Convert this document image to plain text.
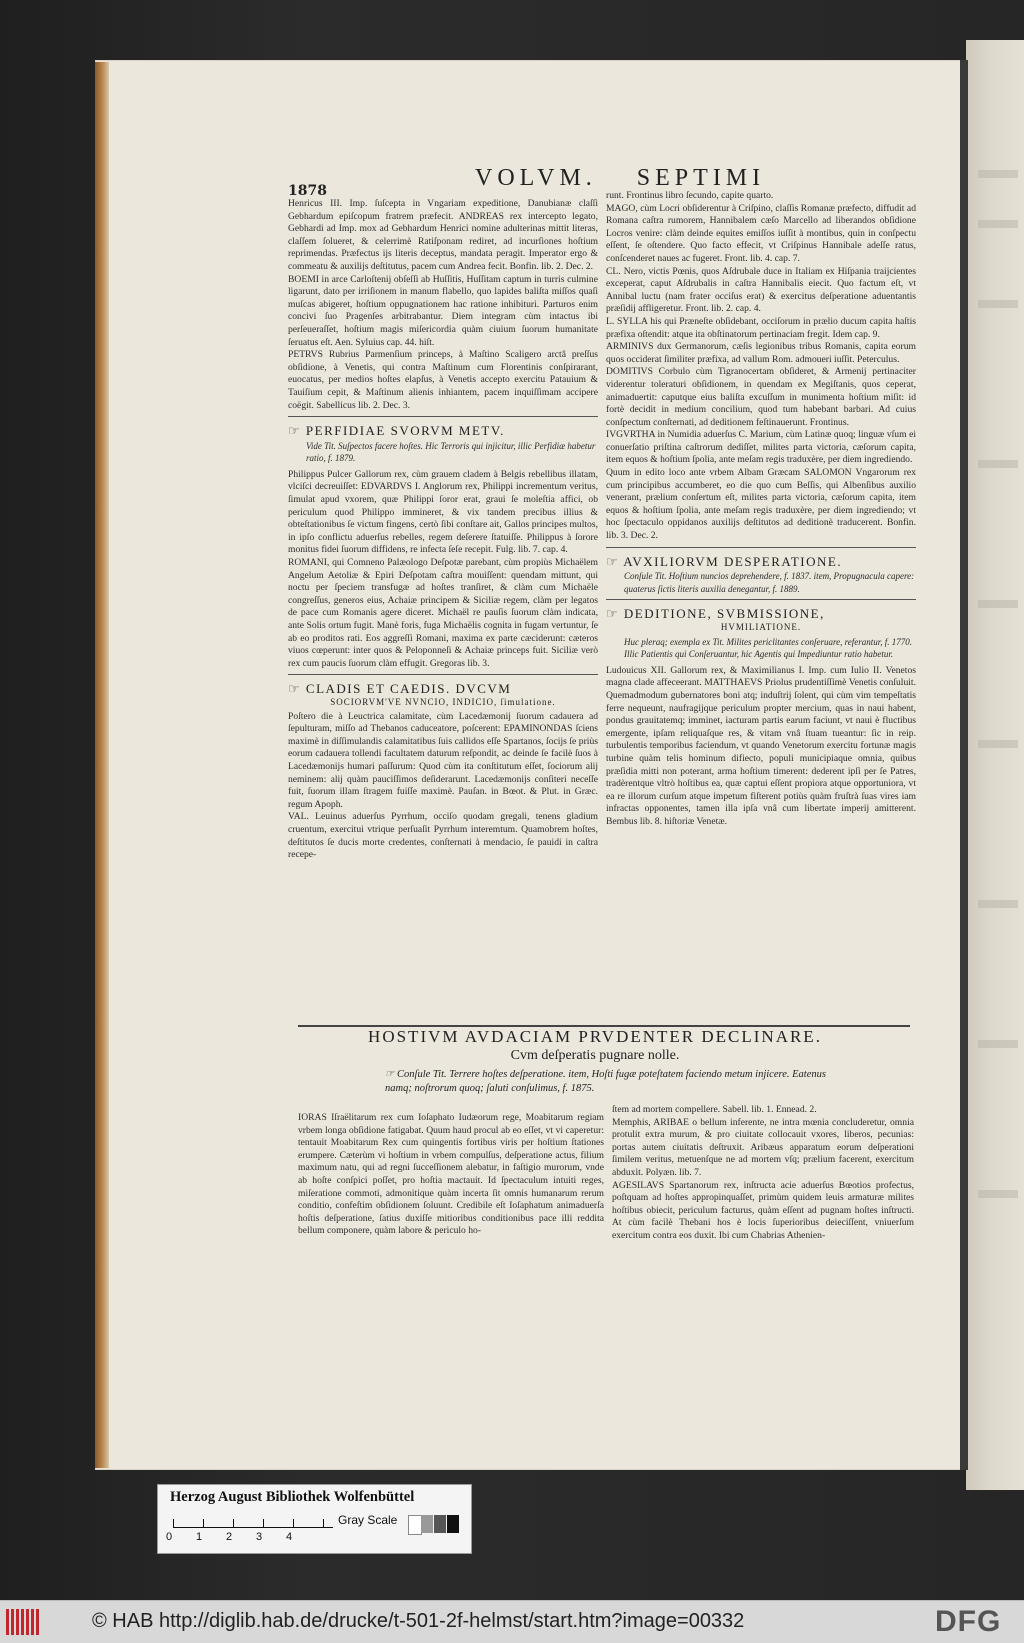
1878	VOLVM. SEPTIMI

Henricus III. Imp. ſuſcepta in Vngariam expeditione, Danubianæ claſſi Gebhardum epiſcopum fratrem præfecit. ANDREAS rex intercepto legato, Gebhardi ad Imp. mox ad Gebhardum Henrici nomine adulterinas mittit literas, claſſem ſolueret, & celerrimè Ratiſponam rediret, ad incurſiones hoſtium reprimendas. Præfectus ijs literis deceptus, mandata peragit. Imperator ergo & commeatu & auxilijs deſtitutus, pacem cum Andrea fecit. Bonfin. lib. 2. Dec. 2.

BOEMI in arce Carloſtenij obſeſſi ab Huſſitis, Huſſitam captum in turris culmine ligarunt, dato per irriſionem in manum flabello, quo lapides baliſta miſſos quaſi muſcas abigeret, hoſtium oppugnationem hac ratione inhibituri. Parturos enim concivi ſuo Pragenſes arbitrabantur. Diem integram cùm intactus ibi perſeueraſſet, hoſtium magis miſericordia quàm ciuium ſuorum humanitate ſeruatus eſt. Aen. Syluius cap. 44. hiſt.

PETRVS Rubrius Parmenſium princeps, à Maſtino Scaligero arctâ preſſus obſidione, à Venetis, qui contra Maſtinum cum Florentinis conſpirarant, euocatus, per medios hoſtes elapſus, à Venetis accepto exercitu Patauium & Tauiſium cepit, & Maſtinum alienis inhiantem, pacem inquiſſimam accipere coëgit. Sabellicus lib. 2. Dec. 3.

☞ PERFIDIAE SVORVM METV.
Vide Tit. Suſpectos facere hoſtes. Hic Terroris qui injicitur, illic Perfidiæ habetur ratio, f. 1879.

Philippus Pulcer Gallorum rex, cùm grauem cladem à Belgis rebellibus illatam, vlciſci decreuiſſet: EDVARDVS I. Anglorum rex, Philippi incrementum veritus, ſimulat apud vxorem, quæ Philippi ſoror erat, graui ſe moleſtia affici, ob periculum quod Philippo immineret, & vix tandem precibus illius & obteſtationibus ſe victum fingens, certò ſibi conſtare ait, Gallos principes multos, in ipſo conflictu aduerſus rebelles, regem deſerere ſtatuiſſe. Philippus à ſorore monitus fidei ſuorum diffidens, re infecta ſeſe recepit. Fulg. lib. 7. cap. 4.

ROMANI, qui Comneno Palæologo Deſpotæ parebant, cùm propiùs Michaëlem Angelum Aetoliæ & Epiri Deſpotam caſtra mouiſſent: quendam mittunt, qui noctu per ſpeciem transfugæ ad hoſtes tranſiret, & clàm cum Michaële congreſſus, generos eius, Achaiæ principem & Siciliæ regem, clàm per legatos de pace cum Romanis agere diceret. Michaël re pauſis ſuorum clàm indicata, ante Solis ortum fugit. Manè foris, fuga Michaëlis cognita in fugam vertuntur, ſe ab eo proditos rati. Eos aggreſſi Romani, maxima ex parte cæciderunt: cæteros viuos cœperunt: inter quos & Peloponneſi & Achaiæ princeps fuit. Siciliæ verò rex cum paucis ſuorum clàm effugit. Gregoras lib. 3.

☞ CLADIS ET CAEDIS. DVCVM
SOCIORVM'VE NVNCIO, INDICIO, ſimulatione.

Poſtero die à Leuctrica calamitate, cùm Lacedæmonij ſuorum cadauera ad ſepulturam, miſſo ad Thebanos caduceatore, poſcerent: EPAMINONDAS ſciens maximè in diſſimulandis calamitatibus ſuis callidos eſſe Spartanos, ſocijs ſe priùs eorum cadauera tollendi facultatem daturum reſpondit, ac deinde ſe facilè ſuos à Lacedæmonijs humari paſſurum: Quod cùm ita conſtitutum eſſet, ſociorum alij neminem: alij quàm pauciſſimos deſiderarunt. Lacedæmonijs conſiteri neceſſe fuit, ſuorum illam ſtragem fuiſſe maximè. Pauſan. in Bœot. & Plut. in Græc. regum Apoph.

VAL. Leuinus aduerſus Pyrrhum, occiſo quodam gregali, tenens gladium cruentum, exercitui vtrique perſuaſit Pyrrhum interemtum. Quamobrem hoſtes, deſtitutos ſe ducis morte credentes, conſternati à mendacio, ſe pauidi in caſtra recepe-

runt. Frontinus libro ſecundo, capite quarto.

MAGO, cùm Locri obſiderentur à Criſpino, claſſis Romanæ præfecto, diffudit ad Romana caſtra rumorem, Hannibalem cæſo Marcello ad liberandos obſidione Locros venire: clàm deinde equites emiſſos iuſſit à montibus, quin in conſpectu eſſent, ſe oſtendere. Quo facto effecit, vt Criſpinus Hannibale adeſſe ratus, conſcenderet naues ac fugeret. Front. lib. 4. cap. 7.

CL. Nero, victis Pœnis, quos Aſdrubale duce in Italiam ex Hiſpania traijcientes exceperat, caput Aſdrubalis in caſtra Hannibalis eiecit. Quo factum eſt, vt Annibal luctu (nam frater occiſus erat) & exercitus deſperatione aduentantis præſidij affligeretur. Front. lib. 2. cap. 4.

L. SYLLA his qui Præneſte obſidebant, occiſorum in prælio ducum capita haſtis præfixa oſtendit: atque ita obſtinatorum pertinaciam fregit. Idem cap. 9.

ARMINIVS dux Germanorum, cæſis legionibus tribus Romanis, capita eorum quos occiderat ſimiliter præfixa, ad vallum Rom. admoueri iuſſit. Peterculus.

DOMITIVS Corbulo cùm Tigranocertam obſideret, & Armenij pertinaciter viderentur toleraturi obſidionem, in quendam ex Megiſtanis, quos ceperat, animaduertit: caputque eius baliſta excuſſum in munimenta hoſtium miſit: id fortè decidit in medium concilium, quod tum habebant barbari. Ad cuius conſpectum conſternati, ad deditionem feſtinauerunt. Frontinus.

IVGVRTHA in Numidia aduerſus C. Marium, cùm Latinæ quoq; linguæ vſum ei conuerſatio priſtina caſtrorum dediſſet, milites parta victoria, cæſorum capita, item equos & hoſtium ſpolia, ante meſam regis traduxère, per diem ingrediendo.

Quum in edito loco ante vrbem Albam Græcam SALOMON Vngarorum rex cum principibus accumberet, eo die quo cum Beſſis, qui Albenſibus auxilio venerant, prælium conſertum eſt, milites parta victoria, cæſorum capita, item equos & hoſtium ſpolia, ante meſam regis traduxère, per diem ingrediendo; vt hoc ſpectaculo oppidanos auxilijs deſtitutos ad deditionè traducerent. Bonfin. lib. 3. Dec. 2.

☞ AVXILIORVM DESPERATIONE.
Conſule Tit. Hoſtium nuncios deprehendere, f. 1837. item, Propugnacula capere: quaterus ſictis literis auxilia denegantur, f. 1889.
☞ DEDITIONE, SVBMISSIONE,
HVMILIATIONE.
Huc pleraq; exempla ex Tit. Milites periclitantes conſeruare, referantur, f. 1770. Illic Patientis qui Conſeruantur, hic Agentis qui Impediuntur ratio habetur.

Ludouicus XII. Gallorum rex, & Maximilianus I. Imp. cum Iulio II. Venetos magna clade affeceerant. MATTHAEVS Priolus prudentiſſimè Venetis conſuluit. Quemadmodum gubernatores boni atq; induſtrij ſolent, qui cùm vim tempeſtatis ferre nequeunt, naufragijque periculum propter mercium, quas in naui habent, pondus grauitatemq; imminet, iacturam partis earum faciunt, vt naui è fluctibus emergente, ipſam reliquaſque res, & vitam vnâ ſtuam tueantur: ſic in reip. turbulentis temporibus faciendum, vt quando Venetorum exercitu fortunæ magis turbine quàm telis hominum difiecto, populi municipiaque omnia, quibus præſidia mitti non poterant, arma hoſtium timerent: dederent ipſi per ſe Patres, tradèrentque vltrò hoſtibus ea, quæ captui eſſent propiora atque opportuniora, vt ea re illorum curſum atque impetum fiſterent potiùs quàm fruſtrà ſuas vires iam infractas opponentes, tamen illa ipſa vnâ cum libertate imperij amitterent. Bembus lib. 8. hiſtoriæ Venetæ.

HOSTIVM AVDACIAM PRVDENTER DECLINARE.
Cvm deſperatis pugnare nolle.
☞ Conſule Tit. Terrere hoſtes deſperatione. item, Hoſti fugæ poteſtatem faciendo metum injicere. Eatenus namq; noſtrorum quoq; ſaluti conſulimus, f. 1875.

IORAS Iſraëlitarum rex cum Ioſaphato Iudæorum rege, Moabitarum regiam vrbem longa obſidione fatigabat. Quum haud procul ab eo eſſet, vt vi caperetur: tentauit Moabitarum Rex cum quingentis fortibus viris per hoſtium ſtationes erumpere. Cæterùm vi hoſtium in vrbem compulſus, deſperatione actus, filium maximum natu, qui ad regni ſucceſſionem alebatur, in faſtigio murorum, vnde ab hoſte conſpici poſſet, pro hoſtia mactauit. Id ſpectaculum intuiti reges, miſeratione commoti, admonitique quàm incerta ſit omnis humanarum rerum conditio, confeſtim obſidionem ſoluunt. Credibile eſt Ioſaphatum animaduerſa hoſtis deſperatione, ſatius duxiſſe mitioribus conditionibus pace illi reddita bellum componere, quàm labore & periculo ho-

ſtem ad mortem compellere. Sabell. lib. 1. Ennead. 2.

Memphis, ARIBAE o bellum inferente, ne intra mœnia concluderetur, omnia protulit extra murum, & pro ciuitate collocauit vxores, liberos, pecunias: portas autem ciuitatis deſtruxit. Aribæus apparatum eorum deſperationi ſimilem veritus, metuenſque ne ad mortem vſq; prælium facerent, exercitum abduxit. Polyæn. lib. 7.

AGESILAVS Spartanorum rex, inſtructa acie aduerſus Bœotios profectus, poſtquam ad hoſtes appropinquaſſet, primùm quidem leuis armaturæ milites hoſtibus obiecit, periculum facturus, quàm eſſent ad pugnam hoſtes inſtructi. At cùm facilè Thebani hos è locis ſuperioribus deieciſſent, vniuerſum exercitum contra eos duxit. Ibi cum Chabrias Athenien-

Herzog August Bibliothek Wolfenbüttel
0 1 2 3 4
Gray Scale
© HAB http://diglib.hab.de/drucke/t-501-2f-helmst/start.htm?image=00332	DFG
